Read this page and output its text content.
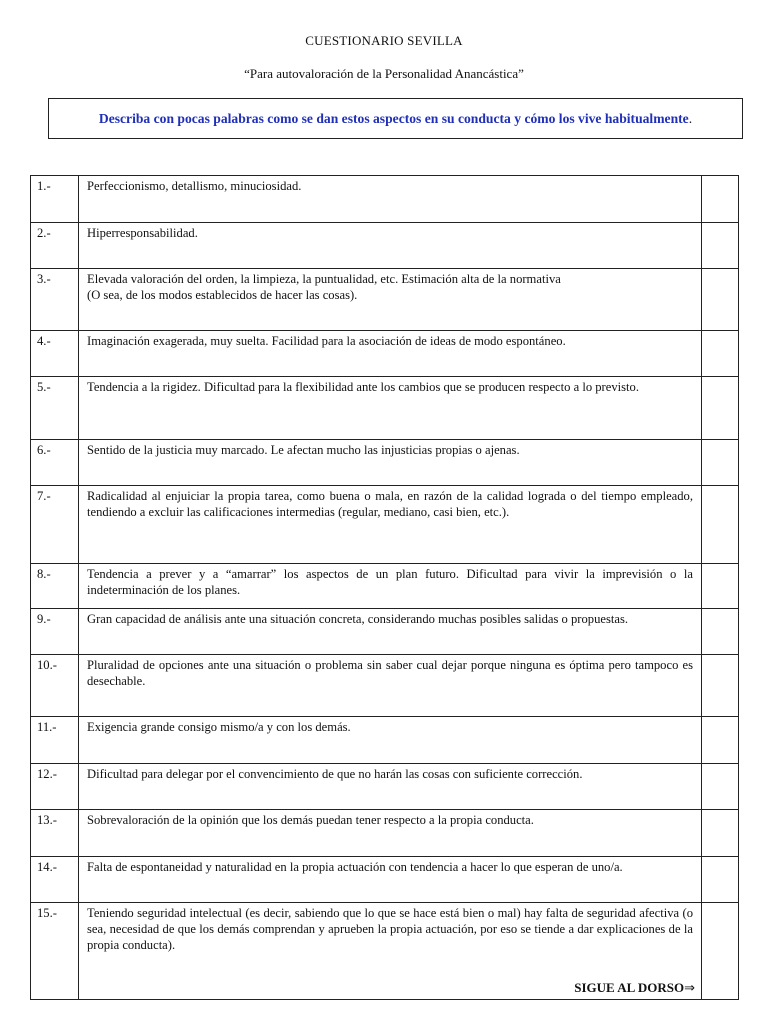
CUESTIONARIO SEVILLA
“Para autovaloración de la Personalidad Anancástica”
Describa con pocas palabras como se dan estos aspectos en su conducta y cómo los vive habitualmente .
1.-	Perfeccionismo, detallismo, minuciosidad.	
2.-	Hiperresponsabilidad.	
3.-	Elevada valoración del orden, la limpieza, la puntualidad, etc. Estimación alta de la normativa
(O sea, de los modos establecidos de hacer las cosas).	
4.-	Imaginación exagerada, muy suelta. Facilidad para la asociación de ideas de modo espontáneo.	
5.-	Tendencia a la rigidez. Dificultad para la flexibilidad ante los cambios que se producen respecto a lo previsto.	
6.-	Sentido de la justicia muy marcado. Le afectan mucho las injusticias propias o ajenas.	
7.-	Radicalidad al enjuiciar la propia tarea, como buena o mala, en razón de la calidad lograda o del tiempo empleado, tendiendo a excluir las calificaciones intermedias (regular, mediano, casi bien, etc.).	
8.-	Tendencia a prever y a “amarrar” los aspectos de un plan futuro. Dificultad para vivir la imprevisión o la indeterminación de los planes.	
9.-	Gran capacidad de análisis ante una situación concreta, considerando muchas posibles salidas o propuestas.	
10.-	Pluralidad de opciones ante una situación o problema sin saber cual dejar porque ninguna es óptima pero tampoco es desechable.	
11.-	Exigencia grande consigo mismo/a y con los demás.	
12.-	Dificultad para delegar por el convencimiento de que no harán las cosas con suficiente corrección.	
13.-	Sobrevaloración de la opinión que los demás puedan tener respecto a la propia conducta.	
14.-	Falta de espontaneidad y naturalidad en la propia actuación con tendencia a hacer lo que esperan de uno/a.	
15.-	Teniendo seguridad intelectual (es decir, sabiendo que lo que se hace está bien o mal) hay falta de seguridad afectiva (o sea, necesidad de que los demás comprendan y aprueben la propia actuación, por eso se tiende a dar explicaciones de la propia conducta).
SIGUE AL DORSO⇒	
